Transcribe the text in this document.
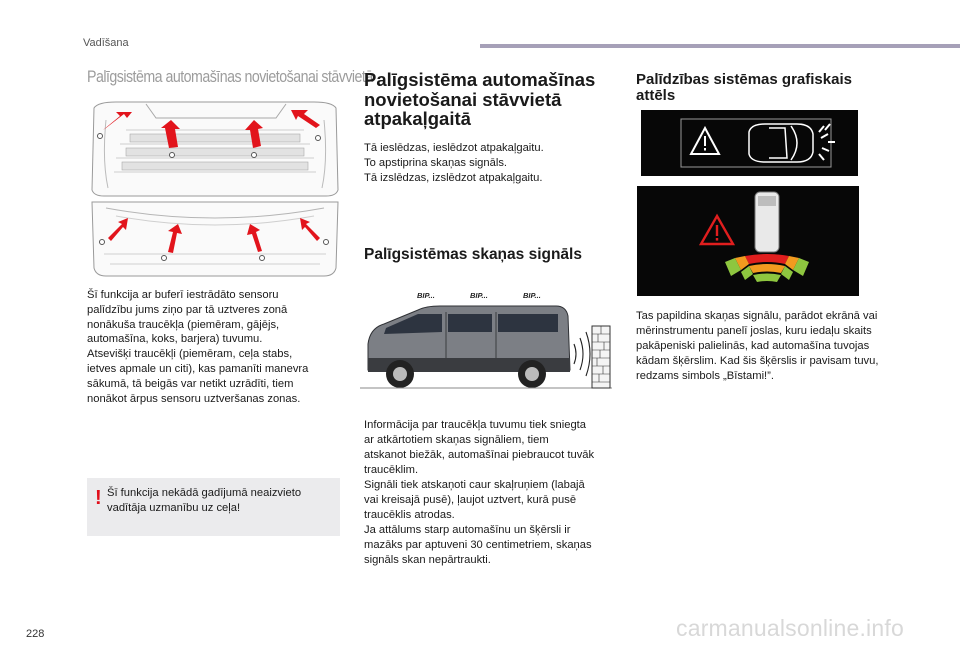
Vadīšana
Palīgsistēma automašīnas novietošanai stāvvietā
Šī funkcija ar buferī iestrādāto sensoru
palīdzību jums ziņo par tā uztveres zonā
nonākuša traucēkļa (piemēram, gājējs,
automašīna, koks, barjera) tuvumu.
Atsevišķi traucēkļi (piemēram, ceļa stabs,
ietves apmale un citi), kas pamanīti manevra
sākumā, tā beigās var netikt uzrādīti, tiem
nonākot ārpus sensoru uztveršanas zonas.
! Šī funkcija nekādā gadījumā neaizvieto vadītāja uzmanību uz ceļa!
Palīgsistēma automašīnas novietošanai stāvvietā atpakaļgaitā
Tā ieslēdzas, ieslēdzot atpakaļgaitu.
To apstiprina skaņas signāls.
Tā izslēdzas, izslēdzot atpakaļgaitu.
Palīgsistēmas skaņas signāls
BIP...	BIP...	BIP...
Informācija par traucēkļa tuvumu tiek sniegta
ar atkārtotiem skaņas signāliem, tiem
atskanot biežāk, automašīnai piebraucot tuvāk
traucēklim.
Signāli tiek atskaņoti caur skaļruņiem (labajā
vai kreisajā pusē), ļaujot uztvert, kurā pusē
traucēklis atrodas.
Ja attālums starp automašīnu un šķērsli ir
mazāks par aptuveni 30 centimetriem, skaņas
signāls skan nepārtraukti.
Palīdzības sistēmas grafiskais attēls
Tas papildina skaņas signālu, parādot ekrānā vai mērinstrumentu panelī joslas, kuru iedaļu skaits pakāpeniski palielinās, kad automašīna tuvojas kādam šķērslim. Kad šis šķērslis ir pavisam tuvu, redzams simbols „Bīstami!”.
228	carmanualsonline.info
